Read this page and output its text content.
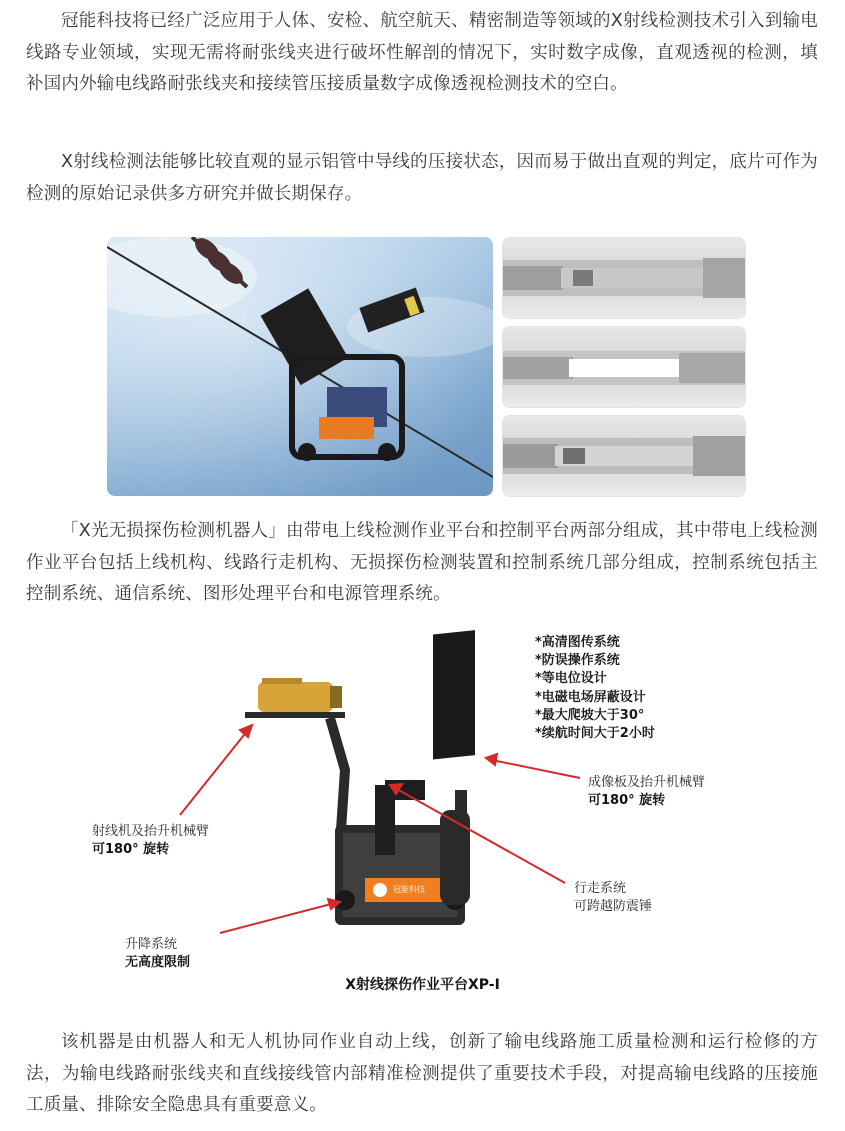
冠能科技将已经广泛应用于人体、安检、航空航天、精密制造等领域的X射线检测技术引入到输电线路专业领域，实现无需将耐张线夹进行破坏性解剖的情况下，实时数字成像，直观透视的检测，填补国内外输电线路耐张线夹和接续管压接质量数字成像透视检测技术的空白。

X射线检测法能够比较直观的显示铝管中导线的压接状态，因而易于做出直观的判定，底片可作为检测的原始记录供多方研究并做长期保存。

「X光无损探伤检测机器人」由带电上线检测作业平台和控制平台两部分组成，其中带电上线检测作业平台包括上线机构、线路行走机构、无损探伤检测装置和控制系统几部分组成，控制系统包括主控制系统、通信系统、图形处理平台和电源管理系统。

冠能科技
*高清图传系统
*防误操作系统
*等电位设计
*电磁电场屏蔽设计
*最大爬坡大于30°
*续航时间大于2小时
射线机及抬升机械臂
可180° 旋转
成像板及抬升机械臂
可180° 旋转
行走系统
可跨越防震锤
升降系统
无高度限制
X射线探伤作业平台XP-Ⅰ

该机器是由机器人和无人机协同作业自动上线，创新了输电线路施工质量检测和运行检修的方法，为输电线路耐张线夹和直线接线管内部精准检测提供了重要技术手段，对提高输电线路的压接施工质量、排除安全隐患具有重要意义。
